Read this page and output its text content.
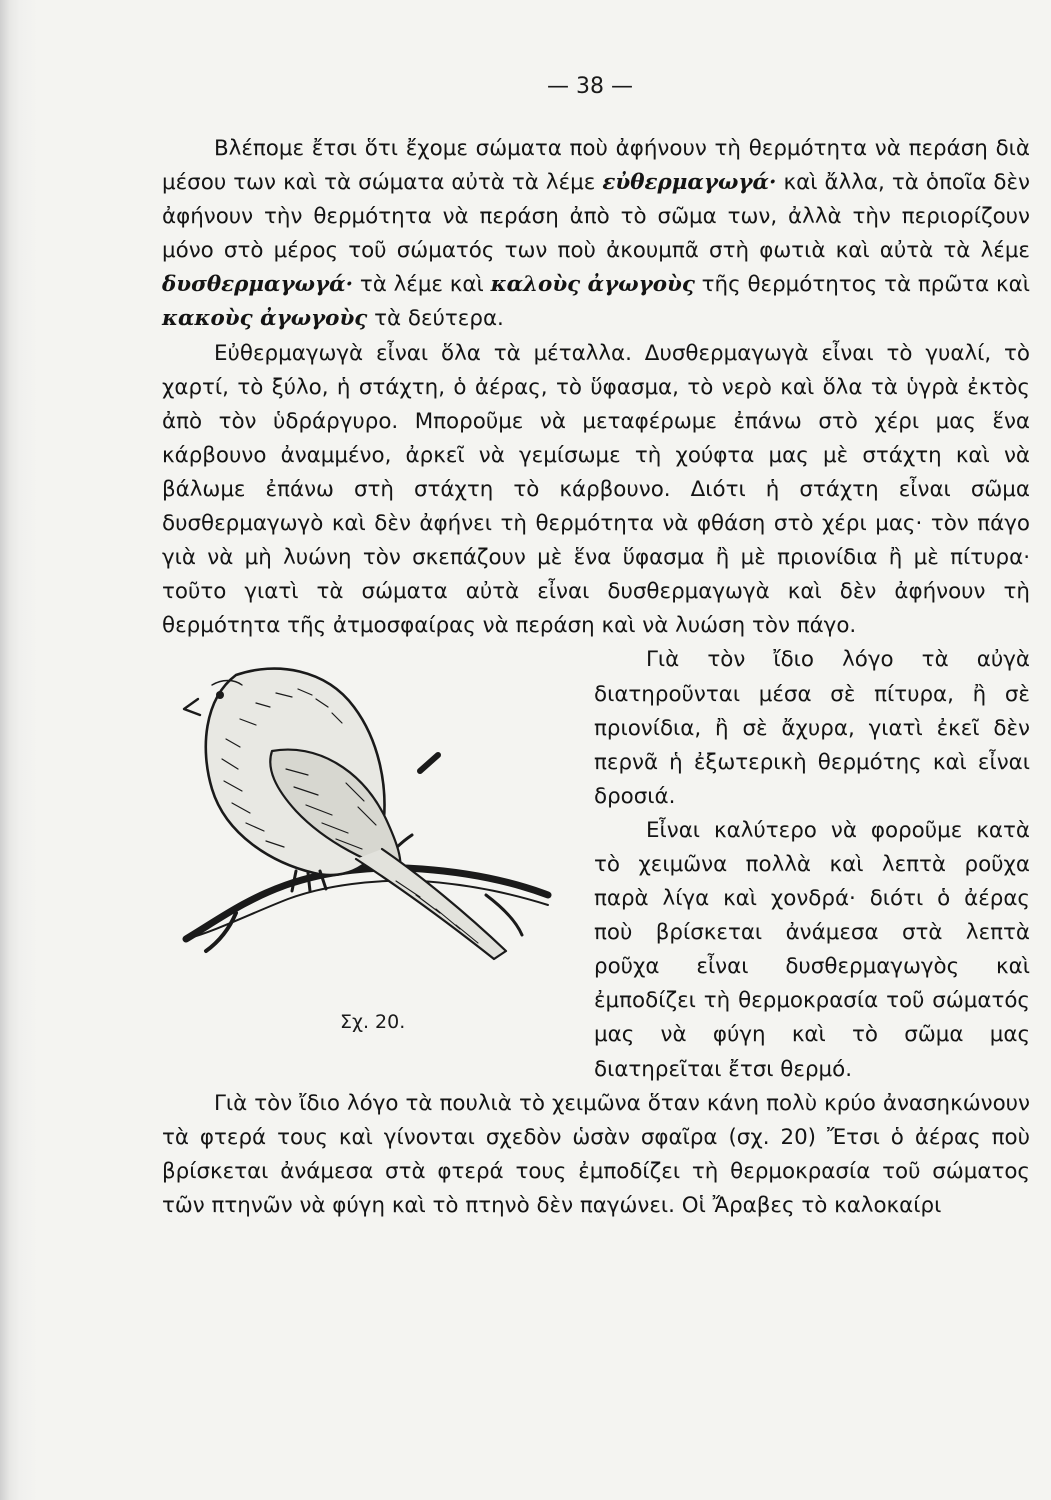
— 38 —

Βλέπομε ἔτσι ὅτι ἔχομε σώματα ποὺ ἀφήνουν τὴ θερμότητα νὰ περάση διὰ μέσου των καὶ τὰ σώματα αὐτὰ τὰ λέμε εὐθερμαγωγά· καὶ ἄλλα, τὰ ὁποῖα δὲν ἀφήνουν τὴν θερμότητα νὰ περάση ἀπὸ τὸ σῶμα των, ἀλλὰ τὴν περιορίζουν μόνο στὸ μέρος τοῦ σώματός των ποὺ ἀκουμπᾶ στὴ φωτιὰ καὶ αὐτὰ τὰ λέμε δυσθερμαγωγά· τὰ λέμε καὶ καλοὺς ἀγωγοὺς τῆς θερμότητος τὰ πρῶτα καὶ κακοὺς ἀγωγοὺς τὰ δεύτερα.

Εὐθερμαγωγὰ εἶναι ὅλα τὰ μέταλλα. Δυσθερμαγωγὰ εἶναι τὸ γυαλί, τὸ χαρτί, τὸ ξύλο, ἡ στάχτη, ὁ ἀέρας, τὸ ὕφασμα, τὸ νερὸ καὶ ὅλα τὰ ὑγρὰ ἐκτὸς ἀπὸ τὸν ὑδράργυρο. Μποροῦμε νὰ μεταφέρωμε ἐπάνω στὸ χέρι μας ἕνα κάρβουνο ἀναμμένο, ἀρκεῖ νὰ γεμίσωμε τὴ χούφτα μας μὲ στάχτη καὶ νὰ βάλωμε ἐπάνω στὴ στάχτη τὸ κάρβουνο. Διότι ἡ στάχτη εἶναι σῶμα δυσθερμαγωγὸ καὶ δὲν ἀφήνει τὴ θερμότητα νὰ φθάση στὸ χέρι μας· τὸν πάγο γιὰ νὰ μὴ λυώνη τὸν σκεπάζουν μὲ ἕνα ὕφασμα ἢ μὲ πριονίδια ἢ μὲ πίτυρα· τοῦτο γιατὶ τὰ σώματα αὐτὰ εἶναι δυσθερμαγωγὰ καὶ δὲν ἀφήνουν τὴ θερμότητα τῆς ἀτμοσφαίρας νὰ περάση καὶ νὰ λυώση τὸν πάγο.

Σχ. 20.

Γιὰ τὸν ἴδιο λόγο τὰ αὐγὰ διατηροῦνται μέσα σὲ πίτυρα, ἢ σὲ πριονίδια, ἢ σὲ ἄχυρα, γιατὶ ἐκεῖ δὲν περνᾶ ἡ ἐξωτερικὴ θερμότης καὶ εἶναι δροσιά.

Εἶναι καλύτερο νὰ φοροῦμε κατὰ τὸ χειμῶνα πολλὰ καὶ λεπτὰ ροῦχα παρὰ λίγα καὶ χονδρά· διότι ὁ ἀέρας ποὺ βρίσκεται ἀνάμεσα στὰ λεπτὰ ροῦχα εἶναι δυσθερμαγωγὸς καὶ ἐμποδίζει τὴ θερμοκρασία τοῦ σώματός μας νὰ φύγη καὶ τὸ σῶμα μας διατηρεῖται ἔτσι θερμό.

Γιὰ τὸν ἴδιο λόγο τὰ πουλιὰ τὸ χειμῶνα ὅταν κάνη πολὺ κρύο ἀνασηκώνουν τὰ φτερά τους καὶ γίνονται σχεδὸν ὡσὰν σφαῖρα (σχ. 20) Ἔτσι ὁ ἀέρας ποὺ βρίσκεται ἀνάμεσα στὰ φτερά τους ἐμποδίζει τὴ θερμοκρασία τοῦ σώματος τῶν πτηνῶν νὰ φύγη καὶ τὸ πτηνὸ δὲν παγώνει. Οἱ Ἄραβες τὸ καλοκαίρι
